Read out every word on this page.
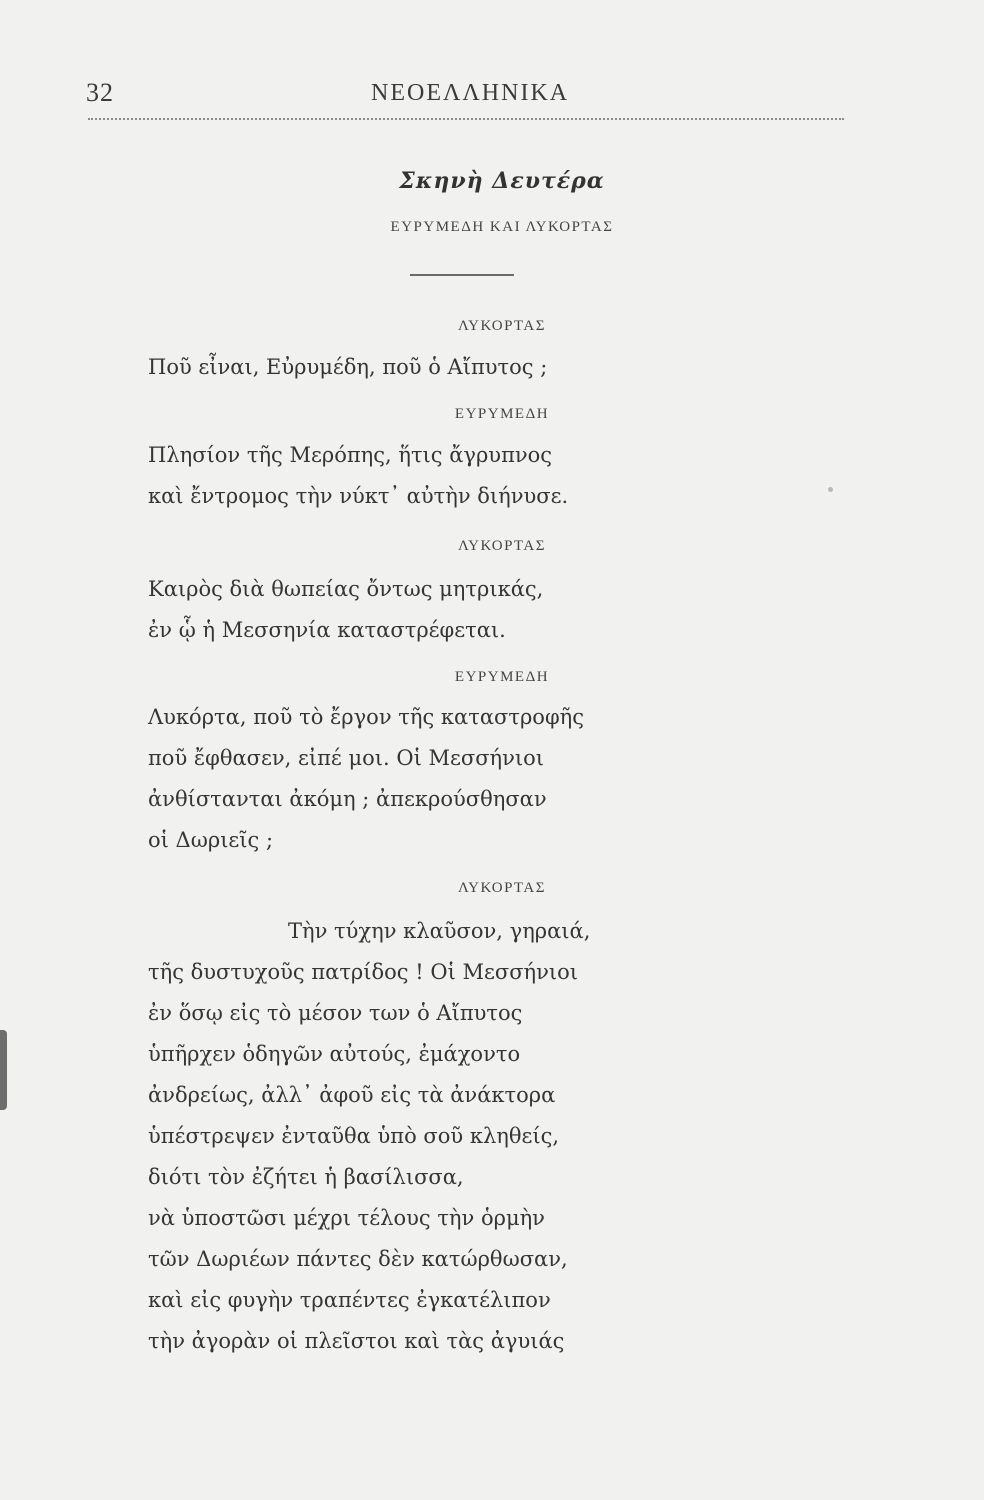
32	ΝΕΟΕΛΛΗΝΙΚΑ
Σκηνὴ Δευτέρα
ΕΥΡΥΜΕΔΗ ΚΑΙ ΛΥΚΟΡΤΑΣ
ΛΥΚΟΡΤΑΣ
Ποῦ εἶναι, Εὐρυμέδη, ποῦ ὁ Αἴπυτος ;
ΕΥΡΥΜΕΔΗ
Πλησίον τῆς Μερόπης, ἥτις ἄγρυπνος
καὶ ἔντρομος τὴν νύκτ᾽ αὐτὴν διήνυσε.
ΛΥΚΟΡΤΑΣ
Καιρὸς διὰ θωπείας ὄντως μητρικάς,
ἐν ᾧ ἡ Μεσσηνία καταστρέφεται.
ΕΥΡΥΜΕΔΗ
Λυκόρτα, ποῦ τὸ ἔργον τῆς καταστροφῆς
ποῦ ἔφθασεν, εἰπέ μοι. Οἱ Μεσσήνιοι
ἀνθίστανται ἀκόμη ; ἀπεκρούσθησαν
οἱ Δωριεῖς ;
ΛΥΚΟΡΤΑΣ
Τὴν τύχην κλαῦσον, γηραιά,
τῆς δυστυχοῦς πατρίδος ! Οἱ Μεσσήνιοι
ἐν ὅσῳ εἰς τὸ μέσον των ὁ Αἴπυτος
ὑπῆρχεν ὁδηγῶν αὐτούς, ἐμάχοντο
ἀνδρείως, ἀλλ᾽ ἀφοῦ εἰς τὰ ἀνάκτορα
ὑπέστρεψεν ἐνταῦθα ὑπὸ σοῦ κληθείς,
διότι τὸν ἐζήτει ἡ βασίλισσα,
νὰ ὑποστῶσι μέχρι τέλους τὴν ὁρμὴν
τῶν Δωριέων πάντες δὲν κατώρθωσαν,
καὶ εἰς φυγὴν τραπέντες ἐγκατέλιπον
τὴν ἀγορὰν οἱ πλεῖστοι καὶ τὰς ἀγυιάς
